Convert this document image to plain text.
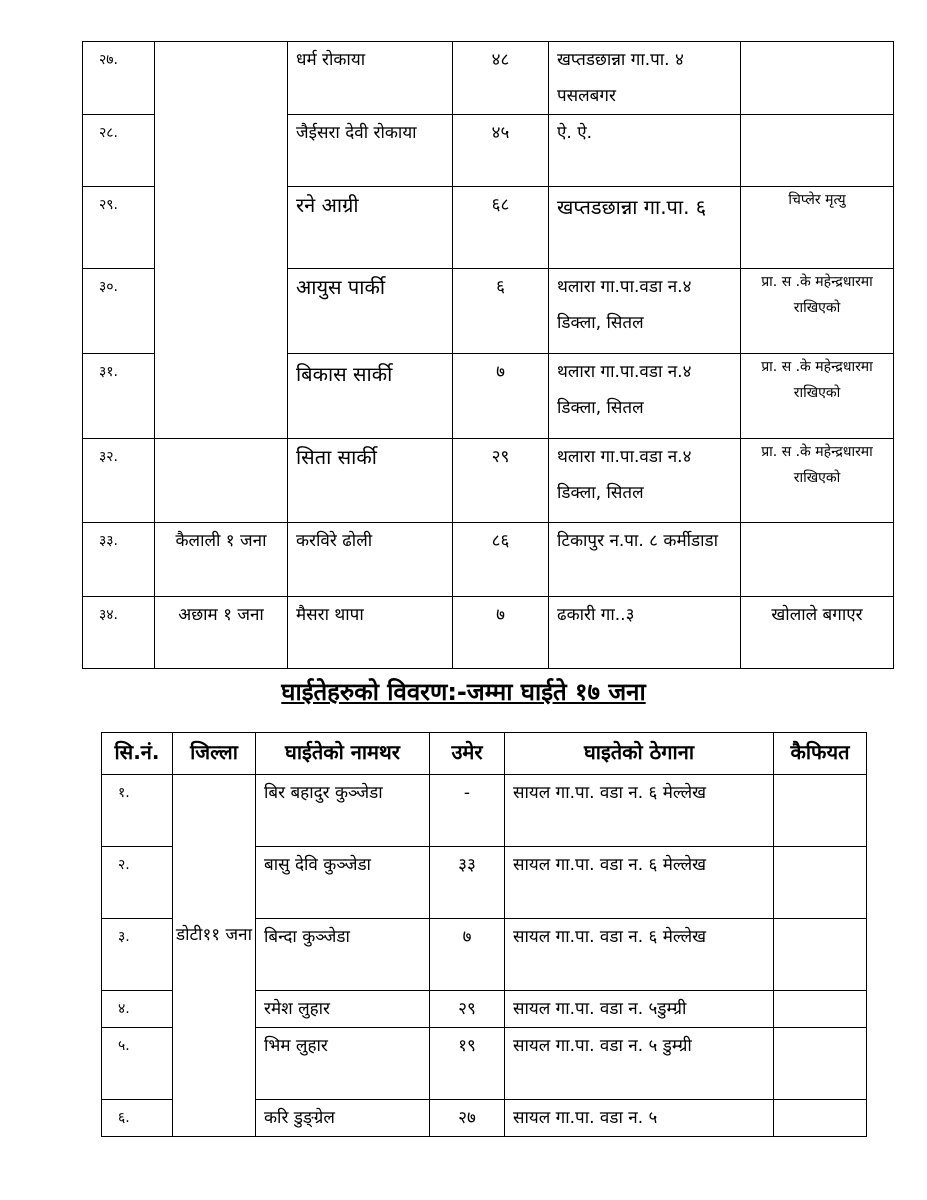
२७.		धर्म रोकाया	४८	खप्तडछान्ना गा.पा. ४ पसलबगर	
२८.		जैईसरा देवी रोकाया	४५	ऐ. ऐ.	
२९.		रने आग्री	६८	खप्तडछान्ना गा.पा. ६	चिप्लेर मृत्यु
३०.		आयुस पार्की	६	थलारा गा.पा.वडा न.४ डिक्ला, सितल	प्रा. स .के महेन्द्रधारमा राखिएको
३१.		बिकास सार्की	७	थलारा गा.पा.वडा न.४ डिक्ला, सितल	प्रा. स .के महेन्द्रधारमा राखिएको
३२.		सिता सार्की	२९	थलारा गा.पा.वडा न.४ डिक्ला, सितल	प्रा. स .के महेन्द्रधारमा राखिएको
३३.	कैलाली १ जना	करविरे ढोली	८६	टिकापुर न.पा. ८ कर्मीडाडा	
३४.	अछाम १ जना	मैसरा थापा	७	ढकारी गा..३	खोलाले बगाएर
घाईतेहरुको विवरण:-जम्मा घाईते १७ जना
सि.नं.	जिल्ला	घाईतेको नामथर	उमेर	घाइतेको ठेगाना	कैफियत
१.	डोटी११ जना	बिर बहादुर कुञ्जेडा	-	सायल गा.पा. वडा न. ६ मेल्लेख	
२.		बासु देवि कुञ्जेडा	३३	सायल गा.पा. वडा न. ६ मेल्लेख	
३.		बिन्दा कुञ्जेडा	७	सायल गा.पा. वडा न. ६ मेल्लेख	
४.		रमेश लुहार	२९	सायल गा.पा. वडा न. ५डुम्ग्री	
५.		भिम लुहार	१९	सायल गा.पा. वडा न. ५ डुम्ग्री	
६.		करि डुङ्ग्रेल	२७	सायल गा.पा. वडा न. ५	
